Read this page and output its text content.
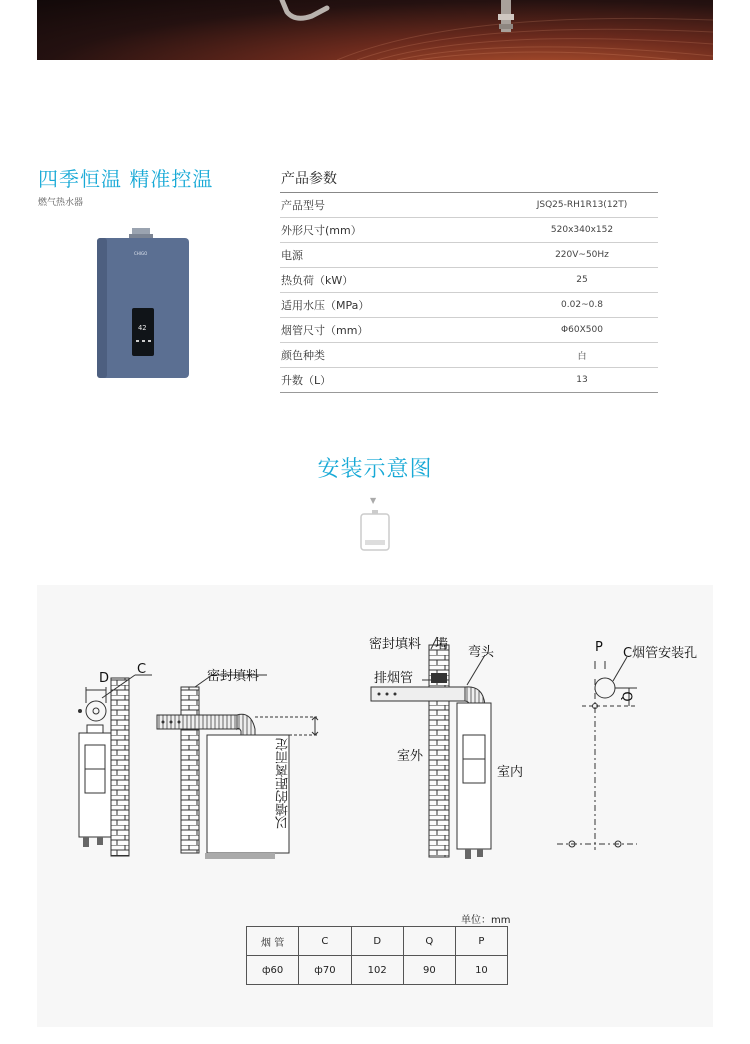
四季恒温 精准控温
燃气热水器
CHIGO
42
产品参数
产品型号	JSQ25-RH1R13(12T)
外形尺寸(mm）	520x340x152
电源	220V~50Hz
热负荷（kW）	25
适用水压（MPa）	0.02~0.8
烟管尺寸（mm）	Φ60X500
颜色种类	白
升数（L）	13
安装示意图
▼
D
C	密封填料
密封填料 墙
排烟管
弯头
室外
室内
P C烟管安装孔
Q
以墙的距离而定
单位：mm
烟 管	C	D	Q	P
ф60	ф70	102	90	10
